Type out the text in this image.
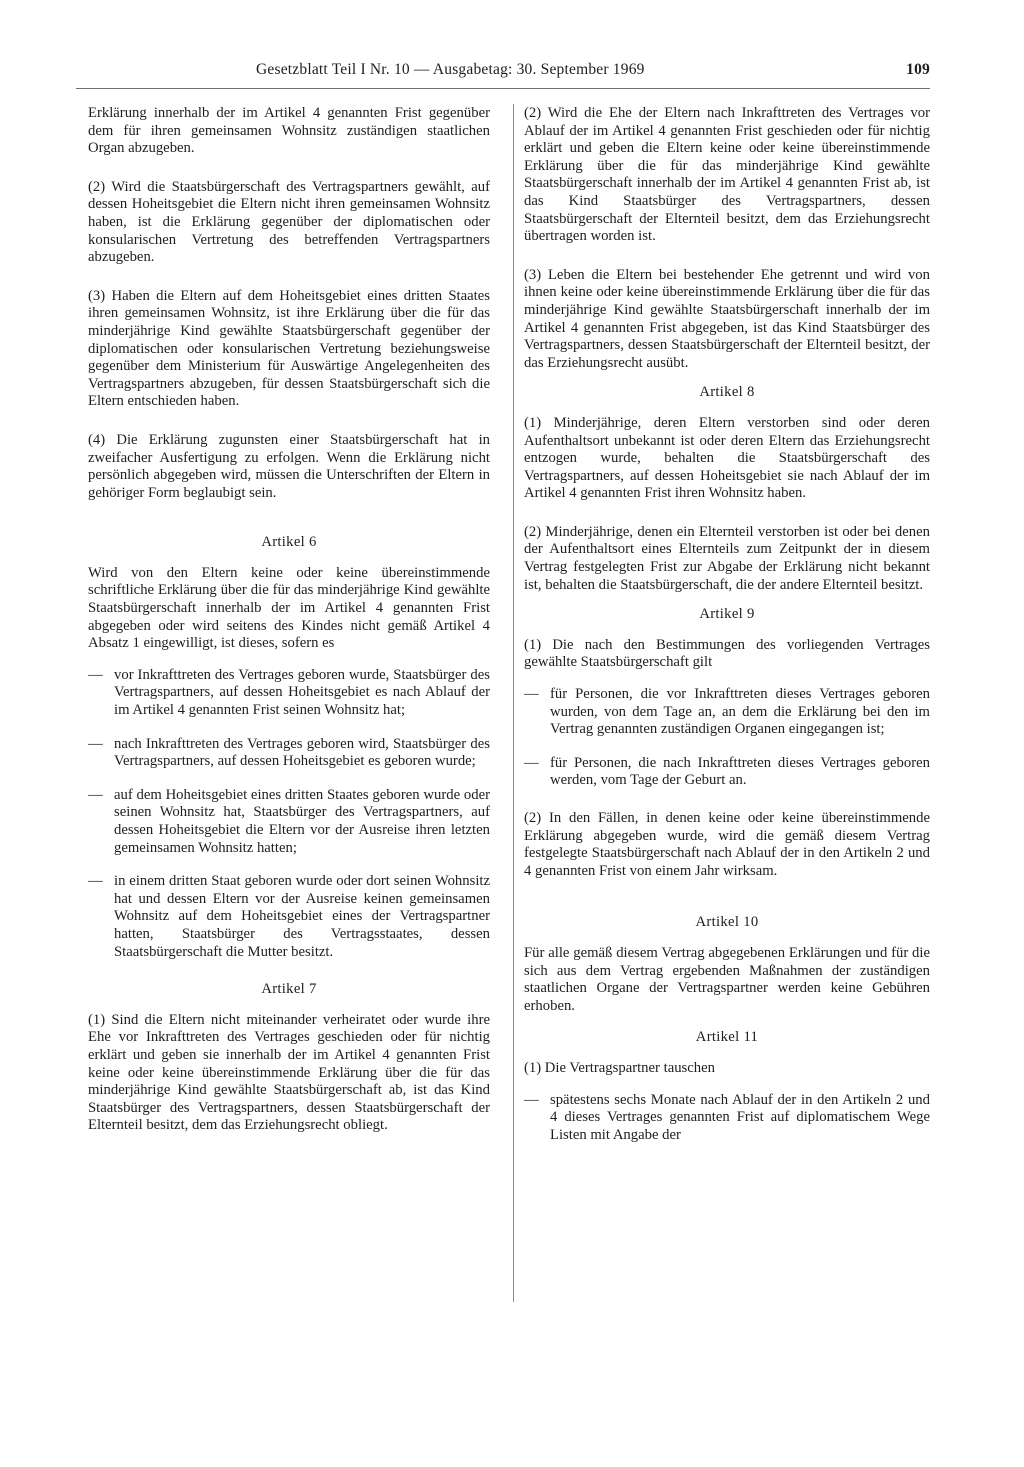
Gesetzblatt Teil I Nr. 10 — Ausgabetag: 30. September 1969	109

Erklärung innerhalb der im Artikel 4 genannten Frist gegenüber dem für ihren gemeinsamen Wohnsitz zuständigen staatlichen Organ abzugeben.

(2) Wird die Staatsbürgerschaft des Vertragspartners gewählt, auf dessen Hoheitsgebiet die Eltern nicht ihren gemeinsamen Wohnsitz haben, ist die Erklärung gegenüber der diplomatischen oder konsularischen Vertretung des betreffenden Vertragspartners abzugeben.

(3) Haben die Eltern auf dem Hoheitsgebiet eines dritten Staates ihren gemeinsamen Wohnsitz, ist ihre Erklärung über die für das minderjährige Kind gewählte Staatsbürgerschaft gegenüber der diplomatischen oder konsularischen Vertretung beziehungsweise gegenüber dem Ministerium für Auswärtige Angelegenheiten des Vertragspartners abzugeben, für dessen Staatsbürgerschaft sich die Eltern entschieden haben.

(4) Die Erklärung zugunsten einer Staatsbürgerschaft hat in zweifacher Ausfertigung zu erfolgen. Wenn die Erklärung nicht persönlich abgegeben wird, müssen die Unterschriften der Eltern in gehöriger Form beglaubigt sein.

Artikel 6

Wird von den Eltern keine oder keine übereinstimmende schriftliche Erklärung über die für das minderjährige Kind gewählte Staatsbürgerschaft innerhalb der im Artikel 4 genannten Frist abgegeben oder wird seitens des Kindes nicht gemäß Artikel 4 Absatz 1 eingewilligt, ist dieses, sofern es

— vor Inkrafttreten des Vertrages geboren wurde, Staatsbürger des Vertragspartners, auf dessen Hoheitsgebiet es nach Ablauf der im Artikel 4 genannten Frist seinen Wohnsitz hat;
— nach Inkrafttreten des Vertrages geboren wird, Staatsbürger des Vertragspartners, auf dessen Hoheitsgebiet es geboren wurde;
— auf dem Hoheitsgebiet eines dritten Staates geboren wurde oder seinen Wohnsitz hat, Staatsbürger des Vertragspartners, auf dessen Hoheitsgebiet die Eltern vor der Ausreise ihren letzten gemeinsamen Wohnsitz hatten;
— in einem dritten Staat geboren wurde oder dort seinen Wohnsitz hat und dessen Eltern vor der Ausreise keinen gemeinsamen Wohnsitz auf dem Hoheitsgebiet eines der Vertragspartner hatten, Staatsbürger des Vertragsstaates, dessen Staatsbürgerschaft die Mutter besitzt.
Artikel 7

(1) Sind die Eltern nicht miteinander verheiratet oder wurde ihre Ehe vor Inkrafttreten des Vertrages geschieden oder für nichtig erklärt und geben sie innerhalb der im Artikel 4 genannten Frist keine oder keine übereinstimmende Erklärung über die für das minderjährige Kind gewählte Staatsbürgerschaft ab, ist das Kind Staatsbürger des Vertragspartners, dessen Staatsbürgerschaft der Elternteil besitzt, dem das Erziehungsrecht obliegt.

(2) Wird die Ehe der Eltern nach Inkrafttreten des Vertrages vor Ablauf der im Artikel 4 genannten Frist geschieden oder für nichtig erklärt und geben die Eltern keine oder keine übereinstimmende Erklärung über die für das minderjährige Kind gewählte Staatsbürgerschaft innerhalb der im Artikel 4 genannten Frist ab, ist das Kind Staatsbürger des Vertragspartners, dessen Staatsbürgerschaft der Elternteil besitzt, dem das Erziehungsrecht übertragen worden ist.

(3) Leben die Eltern bei bestehender Ehe getrennt und wird von ihnen keine oder keine übereinstimmende Erklärung über die für das minderjährige Kind gewählte Staatsbürgerschaft innerhalb der im Artikel 4 genannten Frist abgegeben, ist das Kind Staatsbürger des Vertragspartners, dessen Staatsbürgerschaft der Elternteil besitzt, der das Erziehungsrecht ausübt.

Artikel 8

(1) Minderjährige, deren Eltern verstorben sind oder deren Aufenthaltsort unbekannt ist oder deren Eltern das Erziehungsrecht entzogen wurde, behalten die Staatsbürgerschaft des Vertragspartners, auf dessen Hoheitsgebiet sie nach Ablauf der im Artikel 4 genannten Frist ihren Wohnsitz haben.

(2) Minderjährige, denen ein Elternteil verstorben ist oder bei denen der Aufenthaltsort eines Elternteils zum Zeitpunkt der in diesem Vertrag festgelegten Frist zur Abgabe der Erklärung nicht bekannt ist, behalten die Staatsbürgerschaft, die der andere Elternteil besitzt.

Artikel 9

(1) Die nach den Bestimmungen des vorliegenden Vertrages gewählte Staatsbürgerschaft gilt

— für Personen, die vor Inkrafttreten dieses Vertrages geboren wurden, von dem Tage an, an dem die Erklärung bei den im Vertrag genannten zuständigen Organen eingegangen ist;
— für Personen, die nach Inkrafttreten dieses Vertrages geboren werden, vom Tage der Geburt an.

(2) In den Fällen, in denen keine oder keine übereinstimmende Erklärung abgegeben wurde, wird die gemäß diesem Vertrag festgelegte Staatsbürgerschaft nach Ablauf der in den Artikeln 2 und 4 genannten Frist von einem Jahr wirksam.

Artikel 10

Für alle gemäß diesem Vertrag abgegebenen Erklärungen und für die sich aus dem Vertrag ergebenden Maßnahmen der zuständigen staatlichen Organe der Vertragspartner werden keine Gebühren erhoben.

Artikel 11

(1) Die Vertragspartner tauschen

— spätestens sechs Monate nach Ablauf der in den Artikeln 2 und 4 dieses Vertrages genannten Frist auf diplomatischem Wege Listen mit Angabe der
